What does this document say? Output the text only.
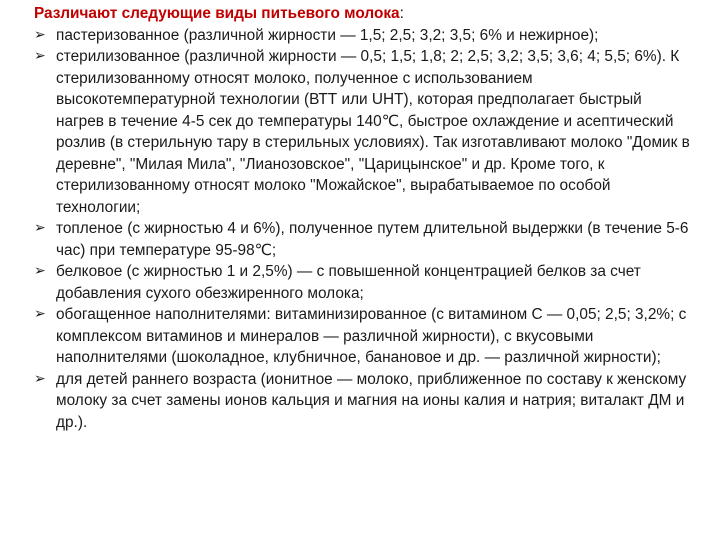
Различают следующие виды питьевого молока:

➢ пастеризованное (различной жирности — 1,5; 2,5; 3,2; 3,5; 6% и нежирное);
➢ стерилизованное (различной жирности — 0,5; 1,5; 1,8; 2; 2,5; 3,2; 3,5; 3,6; 4; 5,5; 6%). К стерилизованному относят молоко, полученное с использованием высокотемпературной технологии (ВТТ или UHT), которая предполагает быстрый нагрев в течение 4-5 сек до температуры 140℃, быстрое охлаждение и асептический розлив (в стерильную тару в стерильных условиях). Так изготавливают молоко "Домик в деревне", "Милая Мила", "Лианозовское", "Царицынское" и др. Кроме того, к стерилизованному относят молоко "Можайское", вырабатываемое по особой технологии;
➢ топленое (с жирностью 4 и 6%), полученное путем длительной выдержки (в течение 5-6 час) при температуре 95-98℃;
➢ белковое (с жирностью 1 и 2,5%) — с повышенной концентрацией белков за счет добавления сухого обезжиренного молока;
➢ обогащенное наполнителями: витаминизированное (с витамином С — 0,05; 2,5; 3,2%; с комплексом витаминов и минералов — различной жирности), с вкусовыми наполнителями (шоколадное, клубничное, банановое и др. — различной жирности);
➢ для детей раннего возраста (ионитное — молоко, приближенное по составу к женскому молоку за счет замены ионов кальция и магния на ионы калия и натрия; виталакт ДМ и др.).
